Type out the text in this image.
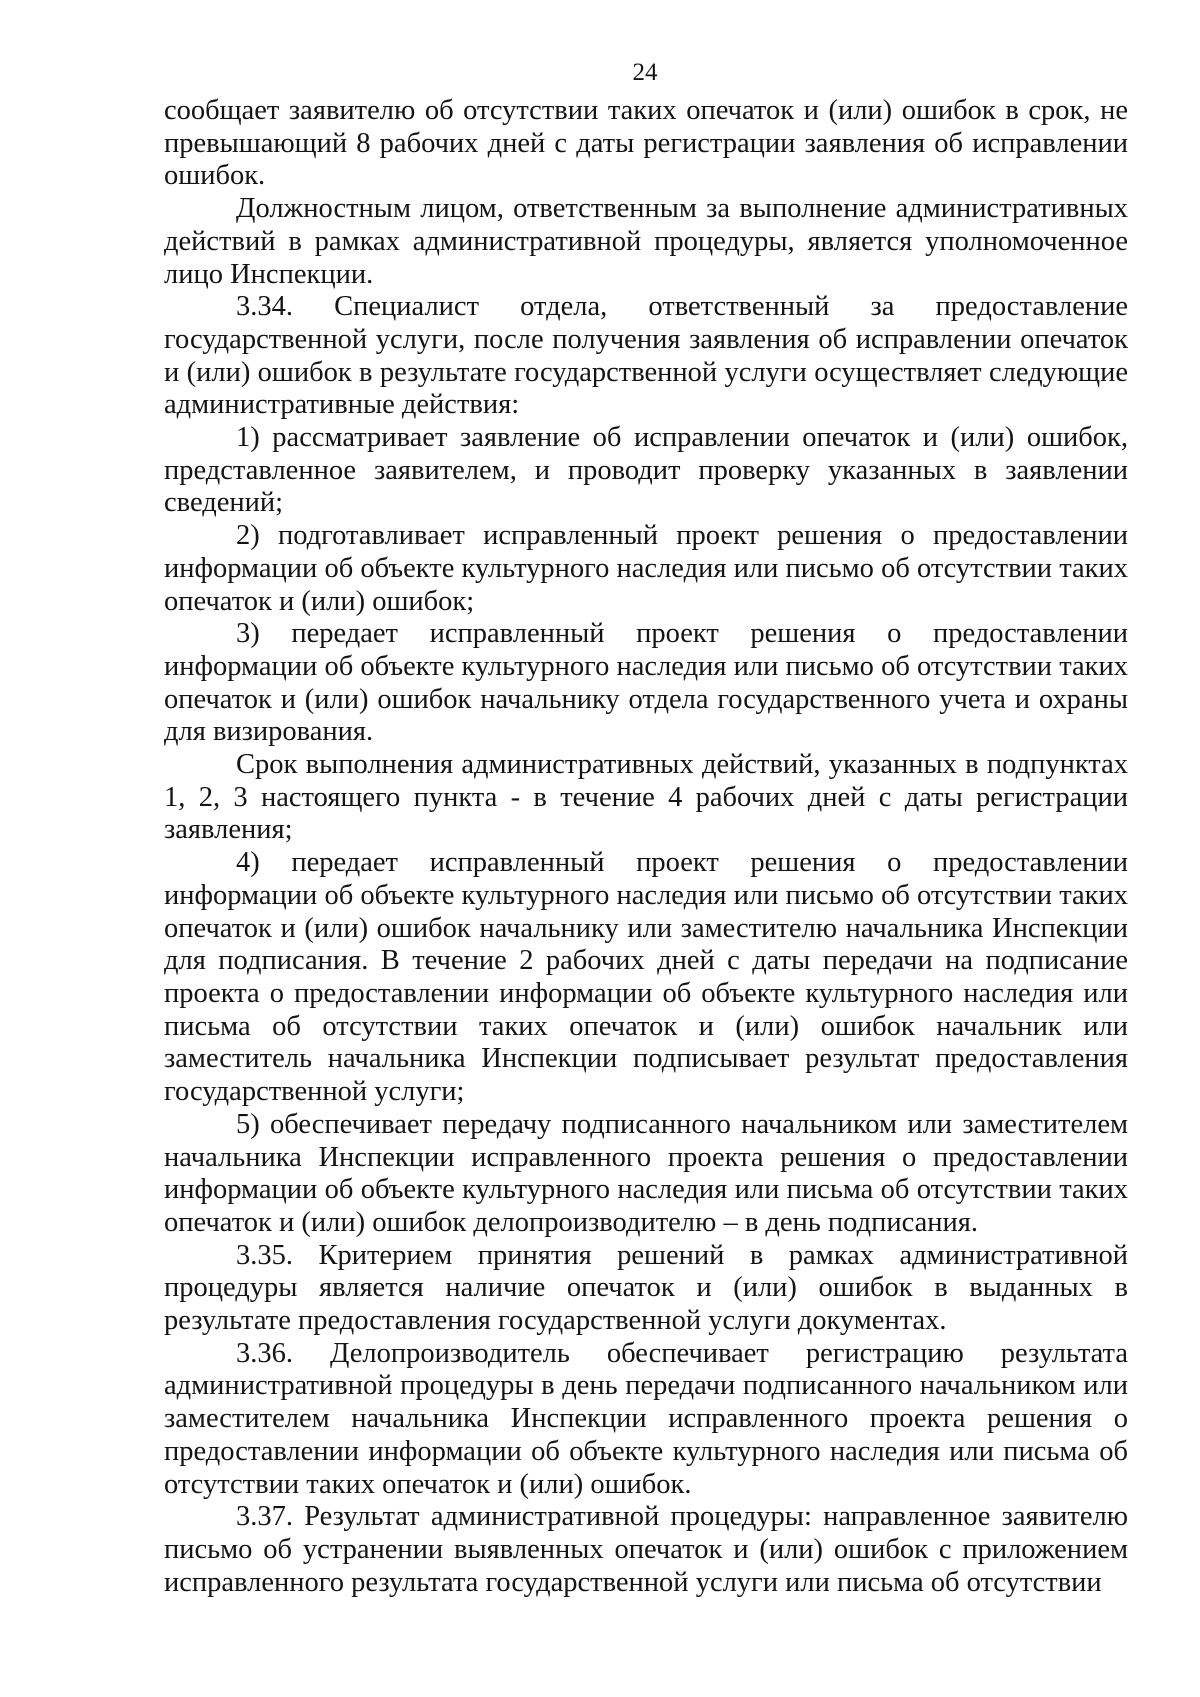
24

сообщает заявителю об отсутствии таких опечаток и (или) ошибок в срок, не превышающий 8 рабочих дней с даты регистрации заявления об исправлении ошибок.

Должностным лицом, ответственным за выполнение административных действий в рамках административной процедуры, является уполномоченное лицо Инспекции.

3.34. Специалист отдела, ответственный за предоставление государственной услуги, после получения заявления об исправлении опечаток и (или) ошибок в результате государственной услуги осуществляет следующие административные действия:

1) рассматривает заявление об исправлении опечаток и (или) ошибок, представленное заявителем, и проводит проверку указанных в заявлении сведений;

2) подготавливает исправленный проект решения о предоставлении информации об объекте культурного наследия или письмо об отсутствии таких опечаток и (или) ошибок;

3) передает исправленный проект решения о предоставлении информации об объекте культурного наследия или письмо об отсутствии таких опечаток и (или) ошибок начальнику отдела государственного учета и охраны для визирования.

Срок выполнения административных действий, указанных в подпунктах 1, 2, 3 настоящего пункта - в течение 4 рабочих дней с даты регистрации заявления;

4) передает исправленный проект решения о предоставлении информации об объекте культурного наследия или письмо об отсутствии таких опечаток и (или) ошибок начальнику или заместителю начальника Инспекции для подписания. В течение 2 рабочих дней с даты передачи на подписание проекта о предоставлении информации об объекте культурного наследия или письма об отсутствии таких опечаток и (или) ошибок начальник или заместитель начальника Инспекции подписывает результат предоставления государственной услуги;

5) обеспечивает передачу подписанного начальником или заместителем начальника Инспекции исправленного проекта решения о предоставлении информации об объекте культурного наследия или письма об отсутствии таких опечаток и (или) ошибок делопроизводителю – в день подписания.

3.35. Критерием принятия решений в рамках административной процедуры является наличие опечаток и (или) ошибок в выданных в результате предоставления государственной услуги документах.

3.36. Делопроизводитель обеспечивает регистрацию результата административной процедуры в день передачи подписанного начальником или заместителем начальника Инспекции исправленного проекта решения о предоставлении информации об объекте культурного наследия или письма об отсутствии таких опечаток и (или) ошибок.

3.37. Результат административной процедуры: направленное заявителю письмо об устранении выявленных опечаток и (или) ошибок с приложением исправленного результата государственной услуги или письма об отсутствии
